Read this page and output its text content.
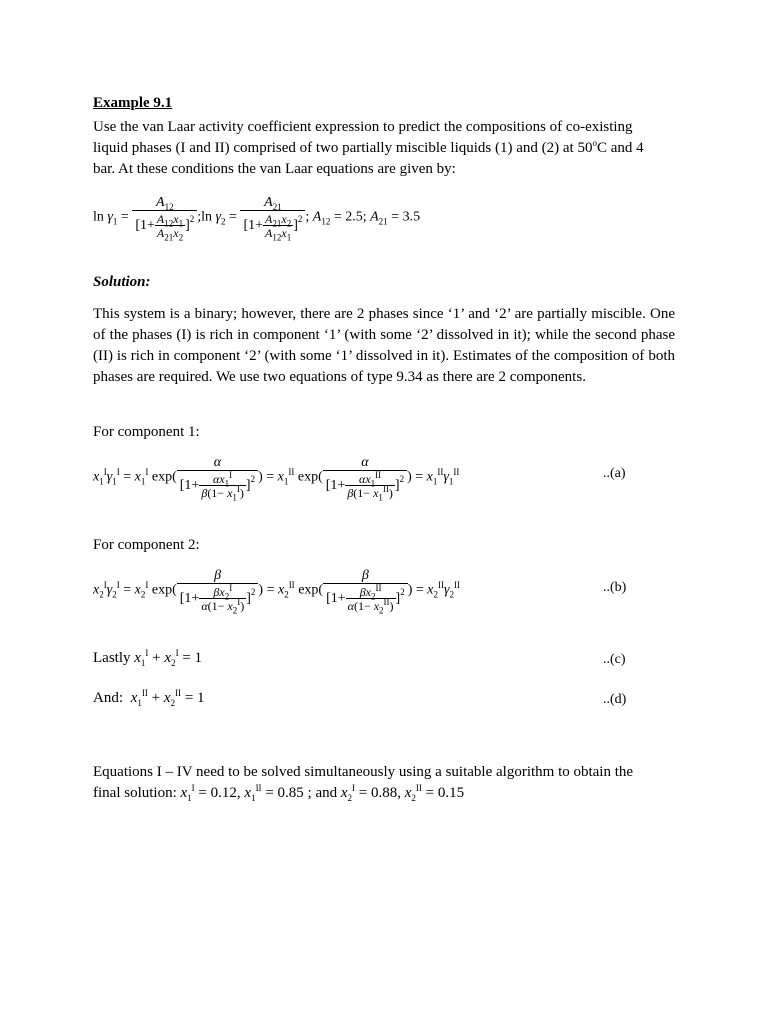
Example 9.1
Use the van Laar activity coefficient expression to predict the compositions of co-existing
liquid phases (I and II) comprised of two partially miscible liquids (1) and (2) at 50$^o$C and 4
bar. At these conditions the van Laar equations are given by:
$\ln \gamma_1 = \frac{A_{12}}{[1+ \frac{A_{12}x_1}{A_{21}x_2} ] 2}$ ;ln $\gamma_2 = \frac{A_{21}}{[1+ \frac{A_{21}x_2}{A_{12}x_1} ] 2}$ ; $A_{12} = 2.5$; $A_{21} = 3.5$
Solution:
This system is a binary; however, there are 2 phases since ‘1’ and ‘2’ are partially miscible. One of the phases (I) is rich in component ‘1’ (with some ‘2’ dissolved in it); while the second phase (II) is rich in component ‘2’ (with some ‘1’ dissolved in it). Estimates of the composition of both phases are required. We use two equations of type 9.34 as there are 2 components.
For component 1:
$x_1^I\gamma_1^I = x_1^I$ $\exp( \frac{\alpha}{[1+ \frac{\alpha x_1^I}{\beta(1- x_1^I)} ] 2}$ ) = $x_1^{II}$ $\exp( \frac{\alpha}{[1+ \frac{\alpha x_1^{II}}{\beta(1- x_1^{II})} ] 2}$ ) = $x_1^{II}\gamma_1^{II}$	..(a)
For component 2:
$x_2^I\gamma_2^I = x_2^I$ $\exp( \frac{\beta}{[1+ \frac{\beta x_2^I}{\alpha(1- x_2^I)} ] 2}$ ) = $x_2^{II}$ $\exp( \frac{\beta}{[1+ \frac{\beta x_2^{II}}{\alpha(1- x_2^{II})} ] 2}$ ) = $x_2^{II}\gamma_2^{II}$	..(b)
Lastly $x_1^I + x_2^I = 1$	..(c)
And: $x_1^{II} + x_2^{II} = 1$	..(d)
Equations I – IV need to be solved simultaneously using a suitable algorithm to obtain the
final solution: $x_1^I = 0.12$, $x_1^{II} = 0.85$ ; and $x_2^I = 0.88$, $x_2^{II} = 0.15$
